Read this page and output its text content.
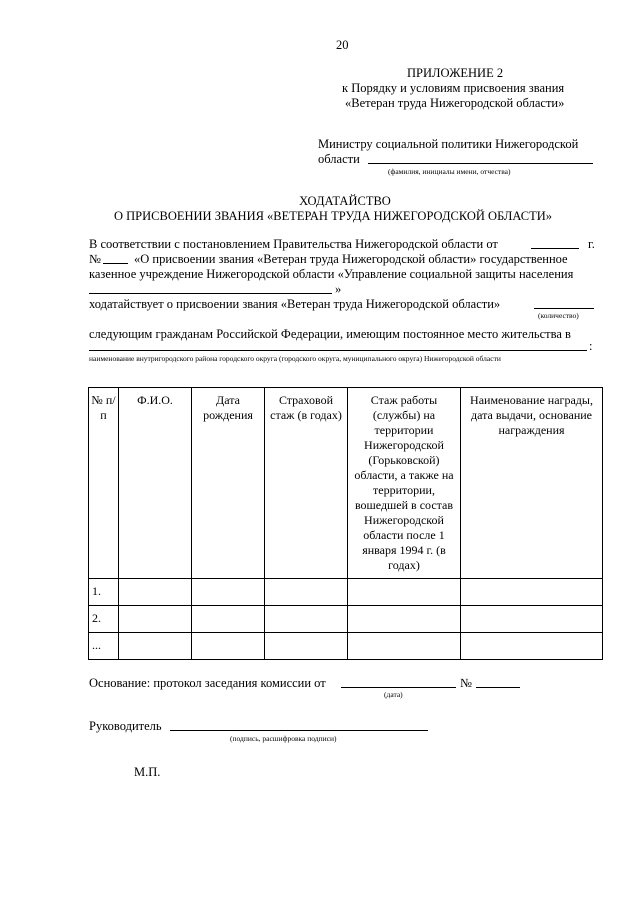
20
ПРИЛОЖЕНИЕ 2
к Порядку и условиям присвоения звания
«Ветеран труда Нижегородской области»
Министру социальной политики Нижегородской
области
(фамилия, инициалы имени, отчества)
ХОДАТАЙСТВО
О ПРИСВОЕНИИ ЗВАНИЯ «ВЕТЕРАН ТРУДА НИЖЕГОРОДСКОЙ ОБЛАСТИ»
В соответствии с постановлением Правительства Нижегородской области от	г.
№	«О присвоении звания «Ветеран труда Нижегородской области» государственное
казенное учреждение Нижегородской области «Управление социальной защиты населения
»
ходатайствует о присвоении звания «Ветеран труда Нижегородской области»
(количество)
следующим гражданам Российской Федерации, имеющим постоянное место жительства в
:
наименование внутригородского района городского округа (городского округа, муниципального округа) Нижегородской области
№ п/п	Ф.И.О.	Дата рождения	Страховой стаж (в годах)	Стаж работы (службы) на территории Нижегородской (Горьковской) области, а также на территории, вошедшей в состав Нижегородской области после 1 января 1994 г. (в годах)	Наименование награды, дата выдачи, основание награждения
1.					
2.					
...					
Основание: протокол заседания комиссии от
(дата)
№
Руководитель
(подпись, расшифровка подписи)
М.П.
